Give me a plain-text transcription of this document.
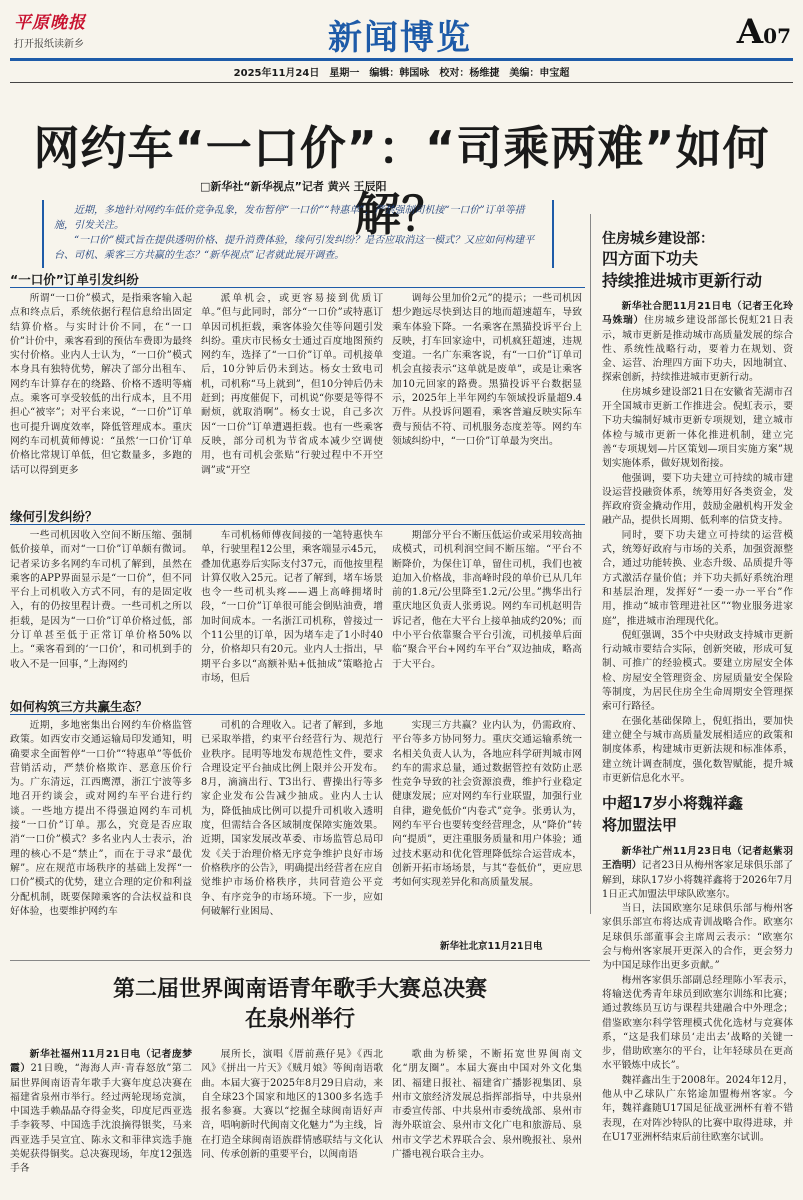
平原晚报
打开报纸读新乡	新闻博览	A07
2025年11月24日　星期一　编辑：韩国咏　校对：杨维捷　美编：申宝超
网约车“一口价”：“司乘两难”如何解？
□新华社“新华视点”记者 黄兴 王辰阳

近期，多地针对网约车低价竞争乱象，发布暂停“一口价”“特惠单”，严禁强制司机接“一口价”订单等措施，引发关注。

“一口价”模式旨在提供透明价格、提升消费体验，缘何引发纠纷？是否应取消这一模式？又应如何构建平台、司机、乘客三方共赢的生态？“新华视点”记者就此展开调查。

“一口价”订单引发纠纷

所谓“一口价”模式，是指乘客输入起点和终点后，系统依据行程信息给出固定结算价格。与实时计价不同，在“一口价”计价中，乘客看到的预估车费即为最终实付价格。业内人士认为，“一口价”模式本身具有独特优势，解决了部分出租车、网约车计算存在的绕路、价格不透明等痛点。乘客可享受较低的出行成本，且不用担心“被宰”；对平台来说，“一口价”订单也可提升调度效率，降低管理成本。重庆网约车司机黄师傅说：“虽然‘一口价’订单价格比常规订单低，但它数量多，多跑的话可以得到更多

派单机会，或更容易接到优质订单。”但与此同时，部分“一口价”或特惠订单因司机拒载，乘客体验欠佳等问题引发纠纷。重庆市民杨女士通过百度地图预约网约车，选择了“一口价”订单。司机接单后，10分钟后仍未到达。杨女士致电司机，司机称“马上就到”，但10分钟后仍未赶到；再度催促下，司机说“你要是等得不耐烦，就取消啊”。杨女士说，自己多次因“一口价”订单遭遇拒载。也有一些乘客反映，部分司机为节省成本减少空调使用，也有司机会张贴“行驶过程中不开空调”或“开空

调每公里加价2元”的提示；一些司机因想少跑远尽快到达目的地而超速超车，导致乘车体验下降。一名乘客在黑猫投诉平台上反映，打车回家途中，司机疯狂超速，违规变道。一名广东乘客说，有“一口价”订单司机会直接表示“这单就是废单”，或是让乘客加10元回家的路费。黑猫投诉平台数据显示，2025年上半年网约车领域投诉量超9.4万件。从投诉问题看，乘客普遍反映实际车费与预估不符、司机服务态度差等。网约车领域纠纷中，“一口价”订单最为突出。

缘何引发纠纷？

一些司机因收入空间不断压缩、强制低价接单，而对“一口价”订单颇有微词。记者采访多名网约车司机了解到，虽然在乘客的APP界面显示是“一口价”，但不同平台上司机收入方式不同，有的是固定收入，有的仍按里程计费。一些司机之所以拒载，是因为“一口价”订单价格过低，部分订单甚至低于正常订单价格50%以上。“乘客看到的‘一口价’，和司机到手的收入不是一回事，”上海网约

车司机杨师傅夜间接的一笔特惠快车单，行驶里程12公里，乘客端显示45元，叠加优惠券后实际支付37元，而他按里程计算仅收入25元。记者了解到，堵车场景也令一些司机头疼——遇上高峰拥堵时段，“一口价”订单很可能会倒贴油费，增加时间成本。一名浙江司机称，曾接过一个11公里的订单，因为堵车走了1小时40分，价格却只有20元。业内人士指出，早期平台多以“高额补贴+低抽成”策略抢占市场，但后

期部分平台不断压低运价或采用较高抽成模式，司机利润空间不断压缩。“平台不断降价，为保住订单，留住司机，我们也被迫加入价格战，非高峰时段的单价已从几年前的1.8元/公里降至1.2元/公里。”携华出行重庆地区负责人张勇说。网约车司机赵明告诉记者，他在大平台上接单抽成约20%；而中小平台依靠聚合平台引流，司机接单后面临“聚合平台+网约车平台”双边抽成，略高于大平台。

如何构筑三方共赢生态？

近期，多地密集出台网约车价格监管政策。如西安市交通运输局印发通知，明确要求全面暂停“一口价”“特惠单”等低价营销活动，严禁价格欺诈、恶意压价行为。广东清远，江西鹰潭，浙江宁波等多地召开约谈会，或对网约车平台进行约谈。一些地方提出不得强迫网约车司机接“一口价”订单。那么，究竟是否应取消“一口价”模式？多名业内人士表示，治理的核心不是“禁止”，而在于寻求“最优解”。应在规范市场秩序的基础上发挥“一口价”模式的优势，建立合理的定价和利益分配机制，既要保障乘客的合法权益和良好体验，也要维护网约车

司机的合理收入。记者了解到，多地已采取举措，约束平台经营行为、规范行业秩序。昆明等地发布规范性文件，要求合理设定平台抽成比例上限并公开发布。8月，滴滴出行、T3出行、曹操出行等多家企业发布公告减少抽成。业内人士认为，降低抽成比例可以提升司机收入透明度，但需结合各区域制度保障实施效果。近期，国家发展改革委、市场监管总局印发《关于治理价格无序竞争维护良好市场价格秩序的公告》，明确提出经营者在应自觉维护市场价格秩序，共同营造公平竞争、有序竞争的市场环境。下一步，应如何破解行业困局、

实现三方共赢？业内认为，仍需政府、平台等多方协同努力。重庆交通运输系统一名相关负责人认为，各地应科学研判城市网约车的需求总量，通过数据管控有效防止恶性竞争导致的社会资源浪费，维护行业稳定健康发展；应对网约车行业联盟，加强行业自律，避免低价“内卷式”竞争。张勇认为，网约车平台也要转变经营理念，从“降价”转向“提质”，更注重服务质量和用户体验；通过技术驱动和优化管理降低综合运营成本，创新开拓市场场景，与其“卷低价”，更应思考如何实现差异化和高质量发展。

新华社北京11月21日电
住房城乡建设部：
四方面下功夫
持续推进城市更新行动

新华社合肥11月21日电（记者王化玲 马姝瑞）住房城乡建设部部长倪虹21日表示，城市更新是推动城市高质量发展的综合性、系统性战略行动，要着力在规划、资金、运营、治理四方面下功夫，因地制宜、探索创新，持续推进城市更新行动。

住房城乡建设部21日在安徽省芜湖市召开全国城市更新工作推进会。倪虹表示，要下功夫编制好城市更新专项规划，建立城市体检与城市更新一体化推进机制，建立完善“专项规划—片区策划—项目实施方案”规划实施体系，做好规划衔接。

他强调，要下功夫建立可持续的城市建设运营投融资体系，统筹用好各类资金，发挥政府资金撬动作用，鼓励金融机构开发金融产品，提供长周期、低利率的信贷支持。

同时，要下功夫建立可持续的运营模式，统筹好政府与市场的关系，加强资源整合，通过功能转换、业态升级、品质提升等方式激活存量价值；并下功夫抓好系统治理和基层治理，发挥好“一委一办一平台”作用，推动“城市管理进社区”“物业服务进家庭”，推进城市治理现代化。

倪虹强调，35个中央财政支持城市更新行动城市要结合实际，创新突破，形成可复制、可推广的经验模式。要建立房屋安全体检、房屋安全管理资金、房屋质量安全保险等制度，为居民住房全生命周期安全管理探索可行路径。

在强化基础保障上，倪虹指出，要加快建立健全与城市高质量发展相适应的政策和制度体系，构建城市更新法规和标准体系，建立统计调查制度，强化数智赋能，提升城市更新信息化水平。

中超17岁小将魏祥鑫
将加盟法甲

新华社广州11月23日电（记者赵紫羽 王浩明）记者23日从梅州客家足球俱乐部了解到，球队17岁小将魏祥鑫将于2026年7月1日正式加盟法甲球队欧塞尔。

当日，法国欧塞尔足球俱乐部与梅州客家俱乐部宣布将达成青训战略合作。欧塞尔足球俱乐部董事会主席周云表示：“欧塞尔会与梅州客家展开更深入的合作，更会努力为中国足球作出更多贡献。”

梅州客家俱乐部副总经理陈小军表示，将输送优秀青年球员到欧塞尔训练和比赛；通过教练员互访与课程共建融合中外理念；借鉴欧塞尔科学管理模式优化选材与竞赛体系，“这是我们球员‘走出去’战略的关键一步，借助欧塞尔的平台，让年轻球员在更高水平锻炼中成长”。

魏祥鑫出生于2008年。2024年12月，他从中乙球队广东铭途加盟梅州客家。今年，魏祥鑫随U17国足征战亚洲杯有着不错表现，在对阵沙特队的比赛中取得进球，并在U17亚洲杯结束后前往欧塞尔试训。

第二届世界闽南语青年歌手大赛总决赛
在泉州举行

新华社福州11月21日电（记者庞梦霞）21日晚，“海海人声·青春怒放”第二届世界闽南语青年歌手大赛年度总决赛在福建省泉州市举行。经过两轮现场竞演，中国选手赖晶晶夺得金奖，印度尼西亚选手李筱琴、中国选手沈浪摘得银奖，马来西亚选手吴宣宜、陈永文和菲律宾选手施美妮获得铜奖。总决赛现场，年度12强选手各

展所长，演唱《厝前燕仔晃》《西北风》《拼出一片天》《贼月娘》等闽南语歌曲。本届大赛于2025年8月29日启动，来自全球23个国家和地区的1300多名选手报名参赛。大赛以“挖掘全球闽南语好声音，唱响新时代闽南文化魅力”为主线，旨在打造全球闽南语族群情感联结与文化认同、传承创新的重要平台，以闽南语

歌曲为桥梁，不断拓宽世界闽南文化“朋友圈”。本届大赛由中国对外文化集团、福建日报社、福建省广播影视集团、泉州市文旅经济发展总指挥部指导，中共泉州市委宣传部、中共泉州市委统战部、泉州市海外联谊会、泉州市文化广电和旅游局、泉州市文学艺术界联合会、泉州晚报社、泉州广播电视台联合主办。
